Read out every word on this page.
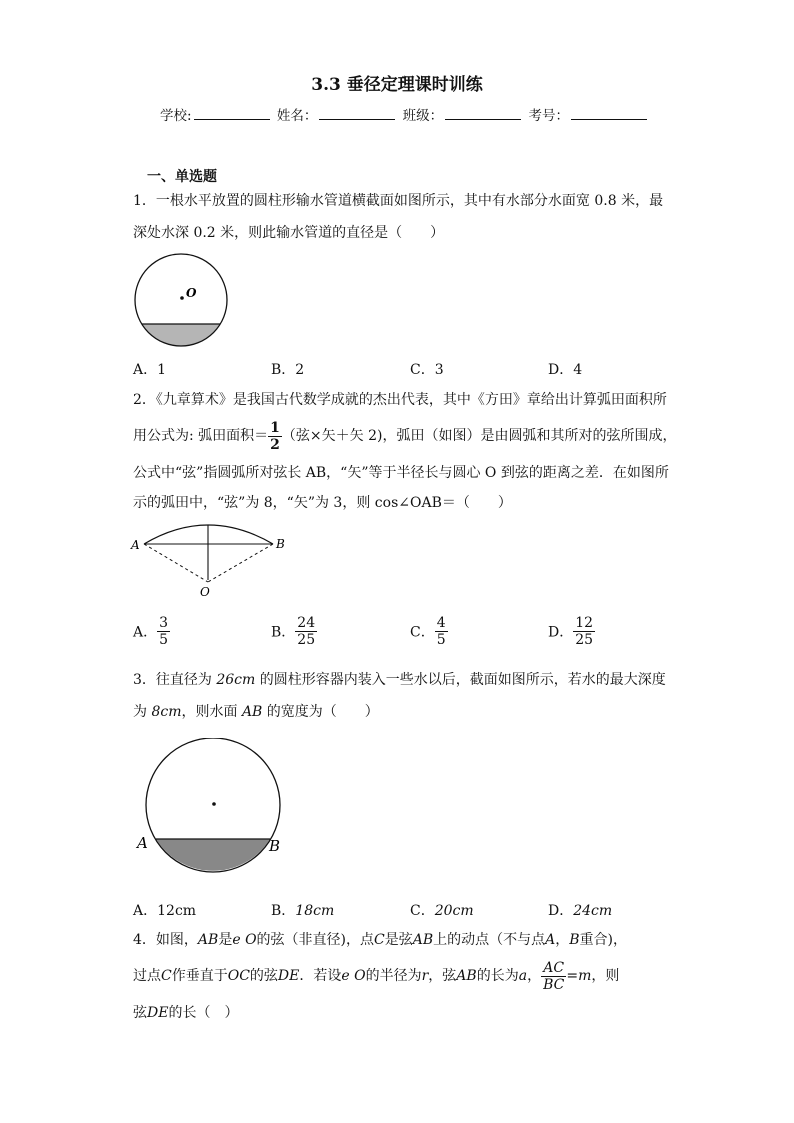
3.3 垂径定理课时训练
学校:	姓名：	班级：	考号：
一、单选题
1．一根水平放置的圆柱形输水管道横截面如图所示，其中有水部分水面宽 0.8 米，最
深处水深 0.2 米，则此输水管道的直径是（　　）
O
A．1	B．2	C．3	D．4
2．《九章算术》是我国古代数学成就的杰出代表，其中《方田》章给出计算弧田面积所
用公式为: 弧田面积＝ $\frac{1}{2}$ （弦×矢＋矢 2)，弧田（如图）是由圆弧和其所对的弦所围成，
公式中“弦”指圆弧所对弦长 AB，“矢”等于半径长与圆心 O 到弦的距离之差．在如图所
示的弧田中，“弦”为 8，“矢”为 3，则 cos∠OAB＝（　　）
A	B
O
A． $\frac{3}{5}$	B． $\frac{24}{25}$	C． $\frac{4}{5}$	D． $\frac{12}{25}$
3．往直径为 26cm 的圆柱形容器内装入一些水以后，截面如图所示，若水的最大深度
为 8cm，则水面 AB 的宽度为（　　）
A	B
A．12cm	B．18cm	C．20cm	D．24cm
4．如图，AB是e O的弦（非直径)，点C是弦AB上的动点（不与点A，B重合)，
过点C作垂直于OC的弦DE．若设e O的半径为r，弦AB的长为a， $\frac{AC}{BC} =m$，则
弦DE的长（　）
